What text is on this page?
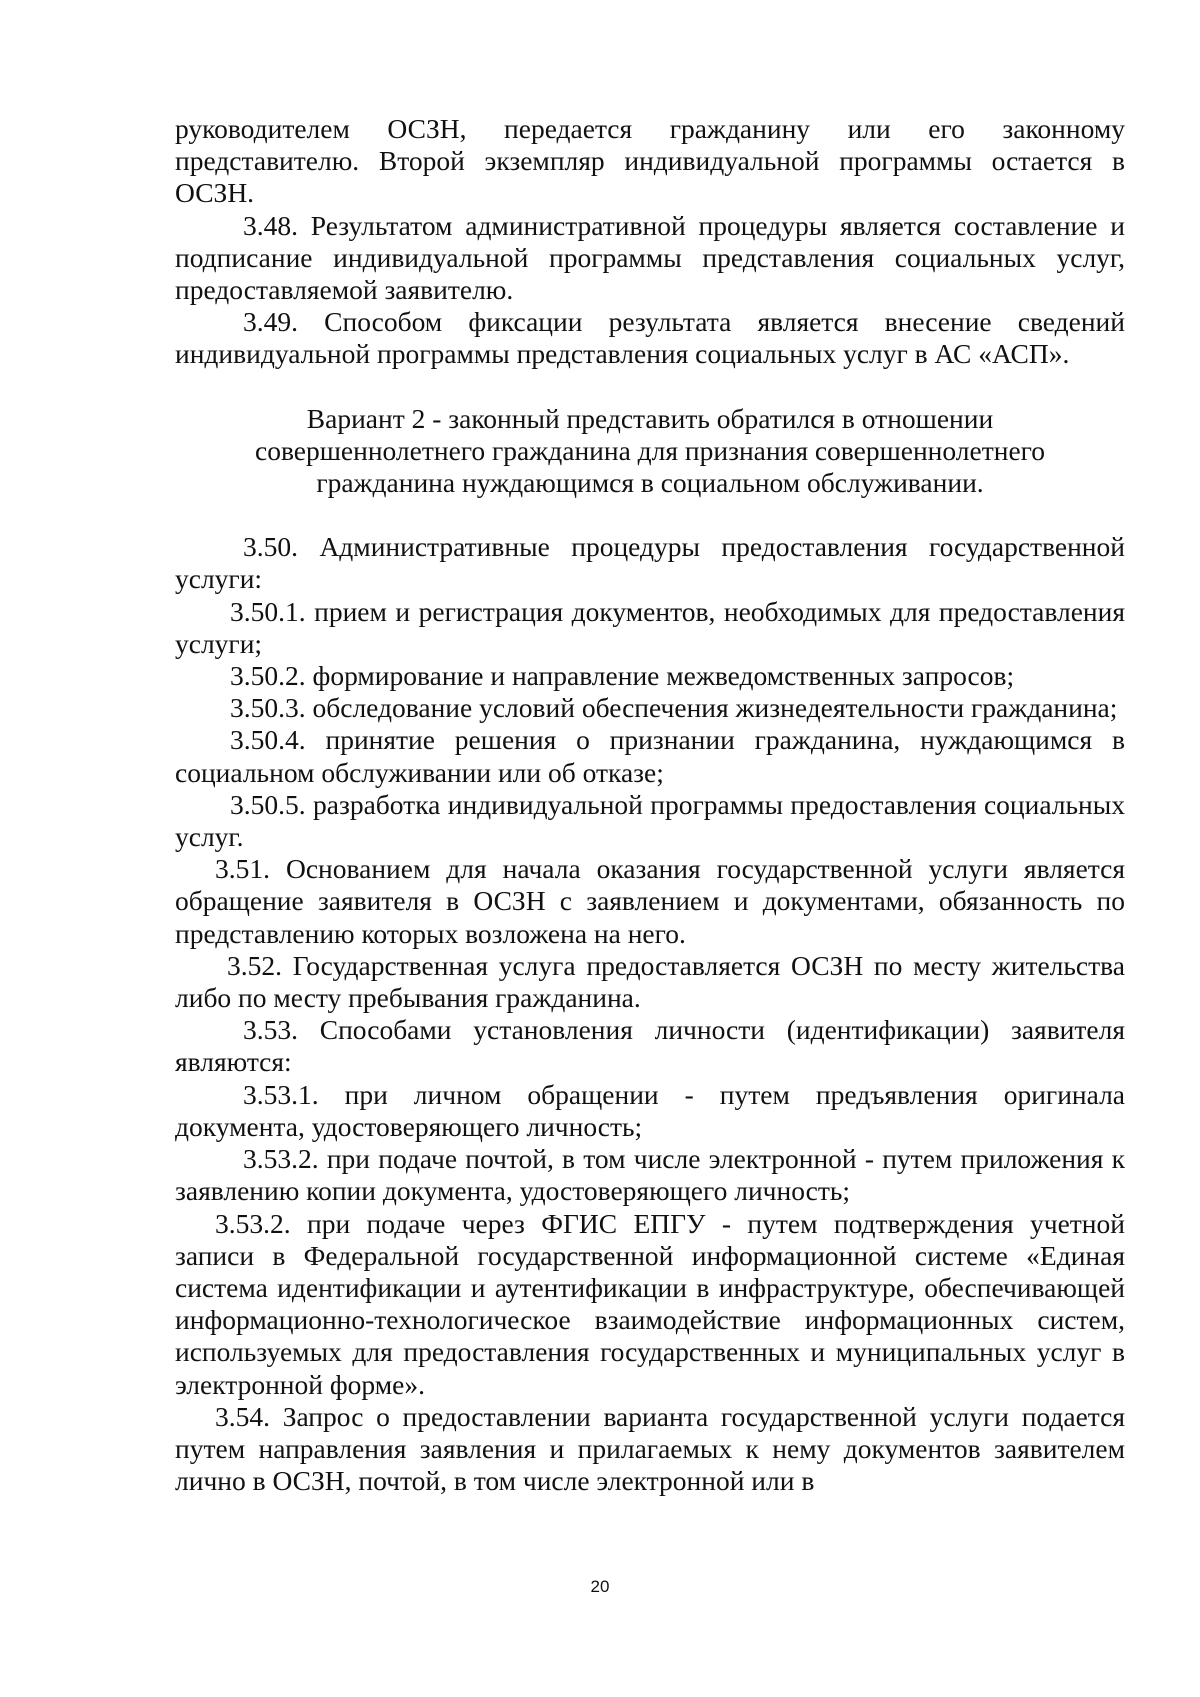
руководителем ОСЗН, передается гражданину или его законному представителю. Второй экземпляр индивидуальной программы остается в ОСЗН.

3.48. Результатом административной процедуры является составление и подписание индивидуальной программы представления социальных услуг, предоставляемой заявителю.

3.49. Способом фиксации результата является внесение сведений индивидуальной программы представления социальных услуг в АС «АСП».

Вариант 2 - законный представить обратился в отношении совершеннолетнего гражданина для признания совершеннолетнего гражданина нуждающимся в социальном обслуживании.

3.50. Административные процедуры предоставления государственной услуги:

3.50.1. прием и регистрация документов, необходимых для предоставления услуги;

3.50.2. формирование и направление межведомственных запросов;

3.50.3. обследование условий обеспечения жизнедеятельности гражданина;

3.50.4. принятие решения о признании гражданина, нуждающимся в социальном обслуживании или об отказе;

3.50.5. разработка индивидуальной программы предоставления социальных услуг.

3.51. Основанием для начала оказания государственной услуги является обращение заявителя в ОСЗН с заявлением и документами, обязанность по представлению которых возложена на него.

3.52. Государственная услуга предоставляется ОСЗН по месту жительства либо по месту пребывания гражданина.

3.53. Способами установления личности (идентификации) заявителя являются:

3.53.1. при личном обращении - путем предъявления оригинала документа, удостоверяющего личность;

3.53.2. при подаче почтой, в том числе электронной - путем приложения к заявлению копии документа, удостоверяющего личность;

3.53.2. при подаче через ФГИС ЕПГУ - путем подтверждения учетной записи в Федеральной государственной информационной системе «Единая система идентификации и аутентификации в инфраструктуре, обеспечивающей информационно-технологическое взаимодействие информационных систем, используемых для предоставления государственных и муниципальных услуг в электронной форме».

3.54. Запрос о предоставлении варианта государственной услуги подается путем направления заявления и прилагаемых к нему документов заявителем лично в ОСЗН, почтой, в том числе электронной или в

20
